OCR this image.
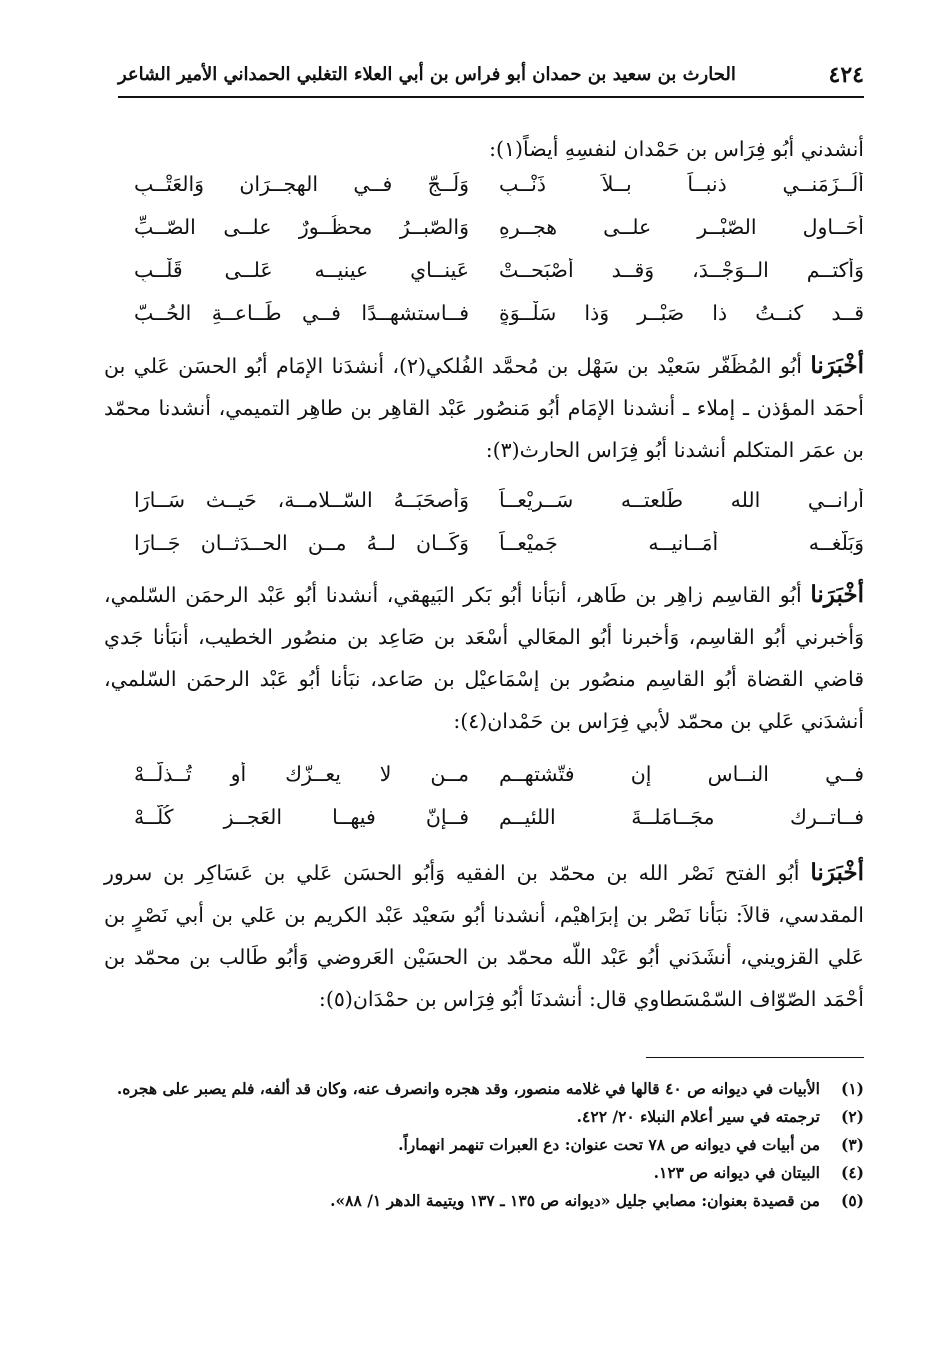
٤٢٤
الحارث بن سعيد بن حمدان أبو فراس بن أبي العلاء التغلبي الحمداني الأمير الشاعر
أنشدني أبُو فِرَاس بن حَمْدان لنفسِهِ أيضاً(١):
ألُــزَمَنــي ذنبــاً بــلاَ ذَنْــبِ
وَلَــجّ فــي الهجــرَان وَالعَتْــبِ
أحَــاول الصّبْــر علــى هجــرِهِ
وَالصّبــرُ محظُــورٌ علــى الصّــبِّ
وَأكتــم الــوَجْــدَ، وَقــد أصْبَحــتْ
عَينــاي عينيــه عَلــى قَلْــبِ
قــد كنــتُ ذا صَبْــرٍ وَذا سَلْــوَةٍ
فــاستشهــدًا فــي طَــاعــةِ الحُــبّ
أخْبَرَنا أبُو المُظَفّر سَعيْد بن سَهْل بن مُحمَّد الفُلكي(٢)، أنشدَنا الإمَام أبُو الحسَن عَلي بن أحمَد المؤذن ـ إملاء ـ أنشدنا الإمَام أبُو مَنصُور عَبْد القاهِر بن طاهِر التميمي، أنشدنا محمّد بن عمَر المتكلم أنشدنا أبُو فِرَاس الحارث(٣):
أرانــي الله طَلعتــه سَــريْعــاً
وَأصحَبَــهُ السّــلامــة، حَيــث سَــارَا
وَبَلّغــه أمَــانيــه جَميْعــاً
وَكَــان لــهُ مــن الحــدَثــان جَــارَا
أخْبَرَنا أبُو القاسِم زاهِر بن طَاهر، أنبَأنا أبُو بَكر البَيهقي، أنشدنا أبُو عَبْد الرحمَن السّلمي، وَأخبرني أبُو القاسِم، وَأخبرنا أبُو المعَالي أسْعَد بن صَاعِد بن منصُور الخطيب، أنبَأنا جَدي قاضي القضاة أبُو القاسِم منصُور بن إسْمَاعيْل بن صَاعد، نبَأنا أبُو عَبْد الرحمَن السّلمي، أنشدَني عَلي بن محمّد لأبي فِرَاس بن حَمْدان(٤):
فــي النــاس إن فتّشتهــم
مــن لا يعــزّك أو تُــذلَّــهْ
فــاتــرك مجَــامَلــةَ اللئيــم
فــإنّ فيهــا العَجــز كُلَّــهْ
أخْبَرَنا أبُو الفتح نَصْر الله بن محمّد بن الفقيه وَأبُو الحسَن عَلي بن عَسَاكِر بن سرور المقدسي، قالاَ: نبَأنا نَصْر بن إبرَاهيْم، أنشدنا أبُو سَعيْد عَبْد الكريم بن عَلي بن أبي نَصْرٍ بن عَلي القزويني، أنشَدَني أبُو عَبْد اللّه محمّد بن الحسَيْن العَروضي وَأبُو طَالب بن محمّد بن أحْمَد الصّوّاف السّمْسَطاوي قال: أنشدنَا أبُو فِرَاس بن حمْدَان(٥):
(١)
الأبيات في ديوانه ص ٤٠ قالها في غلامه منصور، وقد هجره وانصرف عنه، وكان قد ألفه، فلم يصبر على هجره.
(٢)
ترجمته في سير أعلام النبلاء ٢٠/ ٤٢٢.
(٣)
من أبيات في ديوانه ص ٧٨ تحت عنوان: دع العبرات تنهمر انهماراً.
(٤)
البيتان في ديوانه ص ١٢٣.
(٥)
من قصيدة بعنوان: مصابي جليل «ديوانه ص ١٣٥ ـ ١٣٧ ويتيمة الدهر ١/ ٨٨».
